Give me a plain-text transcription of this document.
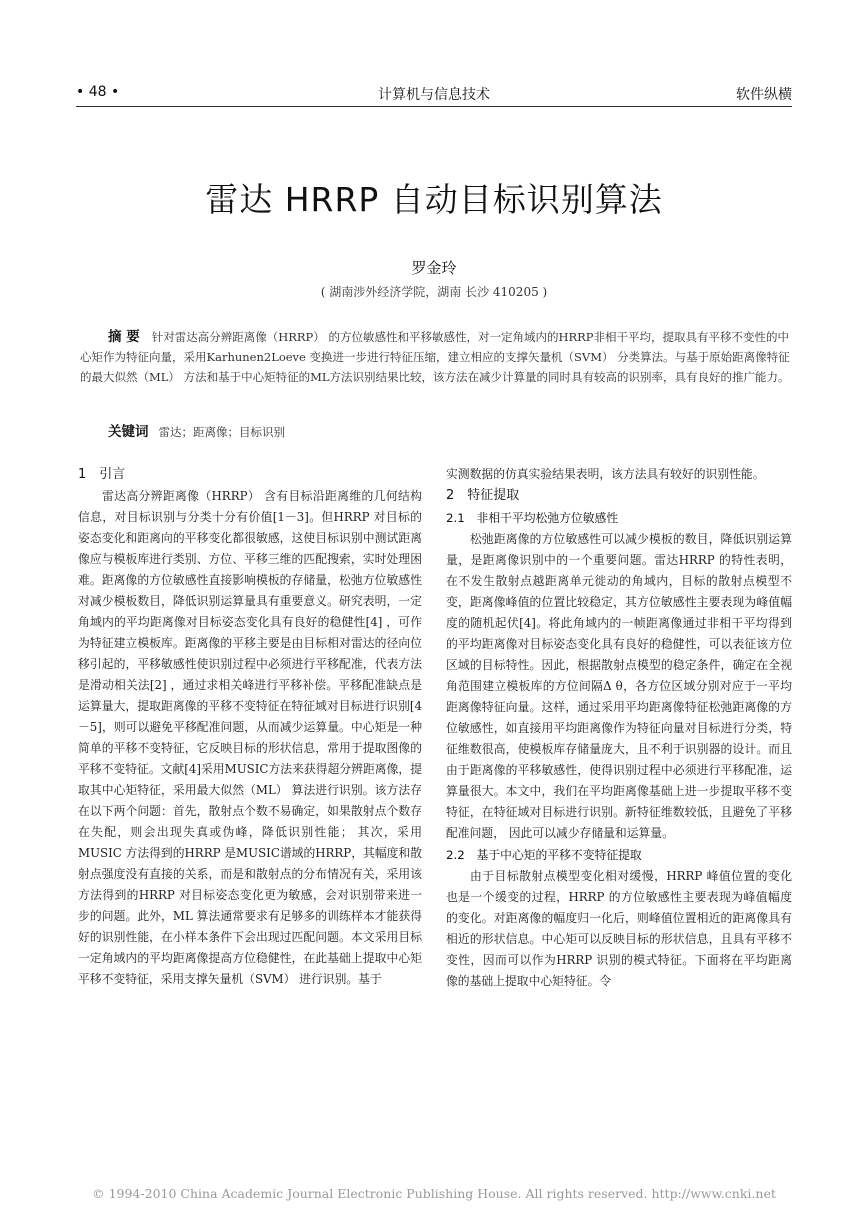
• 48 •	计算机与信息技术	软件纵横
雷达 HRRP 自动目标识别算法
罗金玲
( 湖南涉外经济学院，湖南 长沙 410205 )
摘 要 针对雷达高分辨距离像（HRRP） 的方位敏感性和平移敏感性，对一定角域内的HRRP非相干平均，提取具有平移不变性的中心矩作为特征向量，采用Karhunen2Loeve 变换进一步进行特征压缩，建立相应的支撑矢量机（SVM） 分类算法。与基于原始距离像特征的最大似然（ML） 方法和基于中心矩特征的ML方法识别结果比较，该方法在减少计算量的同时具有较高的识别率，具有良好的推广能力。
关键词 雷达；距离像；目标识别
1　引言

雷达高分辨距离像（HRRP） 含有目标沿距离维的几何结构信息，对目标识别与分类十分有价值[1－3]。但HRRP 对目标的姿态变化和距离向的平移变化都很敏感，这使目标识别中测试距离像应与模板库进行类别、方位、平移三维的匹配搜索，实时处理困难。距离像的方位敏感性直接影响模板的存储量，松弛方位敏感性对减少模板数目，降低识别运算量具有重要意义。研究表明，一定角域内的平均距离像对目标姿态变化具有良好的稳健性[4] ，可作为特征建立模板库。距离像的平移主要是由目标相对雷达的径向位移引起的，平移敏感性使识别过程中必须进行平移配准，代表方法是滑动相关法[2] ，通过求相关峰进行平移补偿。平移配准缺点是运算量大，提取距离像的平移不变特征在特征域对目标进行识别[4－5]，则可以避免平移配准问题，从而减少运算量。中心矩是一种简单的平移不变特征，它反映目标的形状信息，常用于提取图像的平移不变特征。文献[4]采用MUSIC方法来获得超分辨距离像，提取其中心矩特征，采用最大似然（ML） 算法进行识别。该方法存在以下两个问题：首先，散射点个数不易确定，如果散射点个数存在失配，则会出现失真或伪峰，降低识别性能； 其次，采用MUSIC 方法得到的HRRP 是MUSIC谱域的HRRP，其幅度和散射点强度没有直接的关系，而是和散射点的分布情况有关，采用该方法得到的HRRP 对目标姿态变化更为敏感，会对识别带来进一步的问题。此外，ML 算法通常要求有足够多的训练样本才能获得好的识别性能，在小样本条件下会出现过匹配问题。本文采用目标一定角域内的平均距离像提高方位稳健性，在此基础上提取中心矩平移不变特征，采用支撑矢量机（SVM） 进行识别。基于

实测数据的仿真实验结果表明，该方法具有较好的识别性能。

2　特征提取
2.1　非相干平均松弛方位敏感性

松弛距离像的方位敏感性可以减少模板的数目，降低识别运算量，是距离像识别中的一个重要问题。雷达HRRP 的特性表明，在不发生散射点越距离单元徙动的角域内，目标的散射点模型不变，距离像峰值的位置比较稳定，其方位敏感性主要表现为峰值幅度的随机起伏[4]。将此角域内的一帧距离像通过非相干平均得到的平均距离像对目标姿态变化具有良好的稳健性，可以表征该方位区域的目标特性。因此，根据散射点模型的稳定条件，确定在全视角范围建立模板库的方位间隔Δ θ，各方位区域分别对应于一平均距离像特征向量。这样，通过采用平均距离像特征松弛距离像的方位敏感性，如直接用平均距离像作为特征向量对目标进行分类，特征维数很高，使模板库存储量庞大，且不利于识别器的设计。而且由于距离像的平移敏感性，使得识别过程中必须进行平移配准，运算量很大。本文中，我们在平均距离像基础上进一步提取平移不变特征，在特征域对目标进行识别。新特征维数较低，且避免了平移配准问题， 因此可以减少存储量和运算量。

2.2　基于中心矩的平移不变特征提取

由于目标散射点模型变化相对缓慢，HRRP 峰值位置的变化也是一个缓变的过程，HRRP 的方位敏感性主要表现为峰值幅度的变化。对距离像的幅度归一化后，则峰值位置相近的距离像具有相近的形状信息。中心矩可以反映目标的形状信息，且具有平移不变性，因而可以作为HRRP 识别的模式特征。下面将在平均距离像的基础上提取中心矩特征。令

© 1994-2010 China Academic Journal Electronic Publishing House. All rights reserved. http://www.cnki.net
